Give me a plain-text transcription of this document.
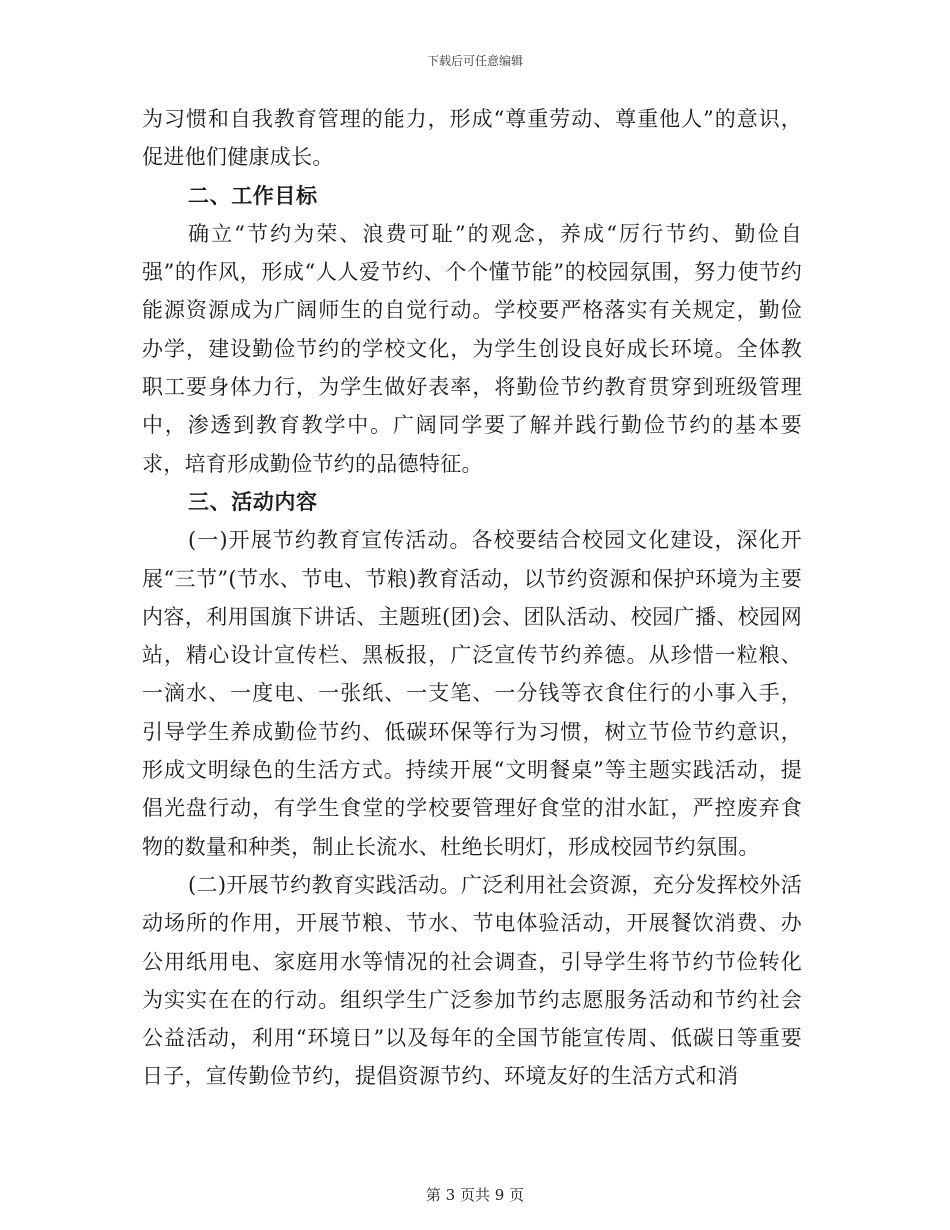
下载后可任意编辑

为习惯和自我教育管理的能力，形成“尊重劳动、尊重他人”的意识，促进他们健康成长。

二、工作目标

确立“节约为荣、浪费可耻”的观念，养成“厉行节约、勤俭自强”的作风，形成“人人爱节约、个个懂节能”的校园氛围，努力使节约能源资源成为广阔师生的自觉行动。学校要严格落实有关规定，勤俭办学，建设勤俭节约的学校文化，为学生创设良好成长环境。全体教职工要身体力行，为学生做好表率，将勤俭节约教育贯穿到班级管理中，渗透到教育教学中。广阔同学要了解并践行勤俭节约的基本要求，培育形成勤俭节约的品德特征。

三、活动内容

(一)开展节约教育宣传活动。各校要结合校园文化建设，深化开展“三节”(节水、节电、节粮)教育活动，以节约资源和保护环境为主要内容，利用国旗下讲话、主题班(团)会、团队活动、校园广播、校园网站，精心设计宣传栏、黑板报，广泛宣传节约养德。从珍惜一粒粮、一滴水、一度电、一张纸、一支笔、一分钱等衣食住行的小事入手，引导学生养成勤俭节约、低碳环保等行为习惯，树立节俭节约意识，形成文明绿色的生活方式。持续开展“文明餐桌”等主题实践活动，提倡光盘行动，有学生食堂的学校要管理好食堂的泔水缸，严控废弃食物的数量和种类，制止长流水、杜绝长明灯，形成校园节约氛围。

(二)开展节约教育实践活动。广泛利用社会资源，充分发挥校外活动场所的作用，开展节粮、节水、节电体验活动，开展餐饮消费、办公用纸用电、家庭用水等情况的社会调查，引导学生将节约节俭转化为实实在在的行动。组织学生广泛参加节约志愿服务活动和节约社会公益活动，利用“环境日”以及每年的全国节能宣传周、低碳日等重要日子，宣传勤俭节约，提倡资源节约、环境友好的生活方式和消

第 3 页共 9 页
